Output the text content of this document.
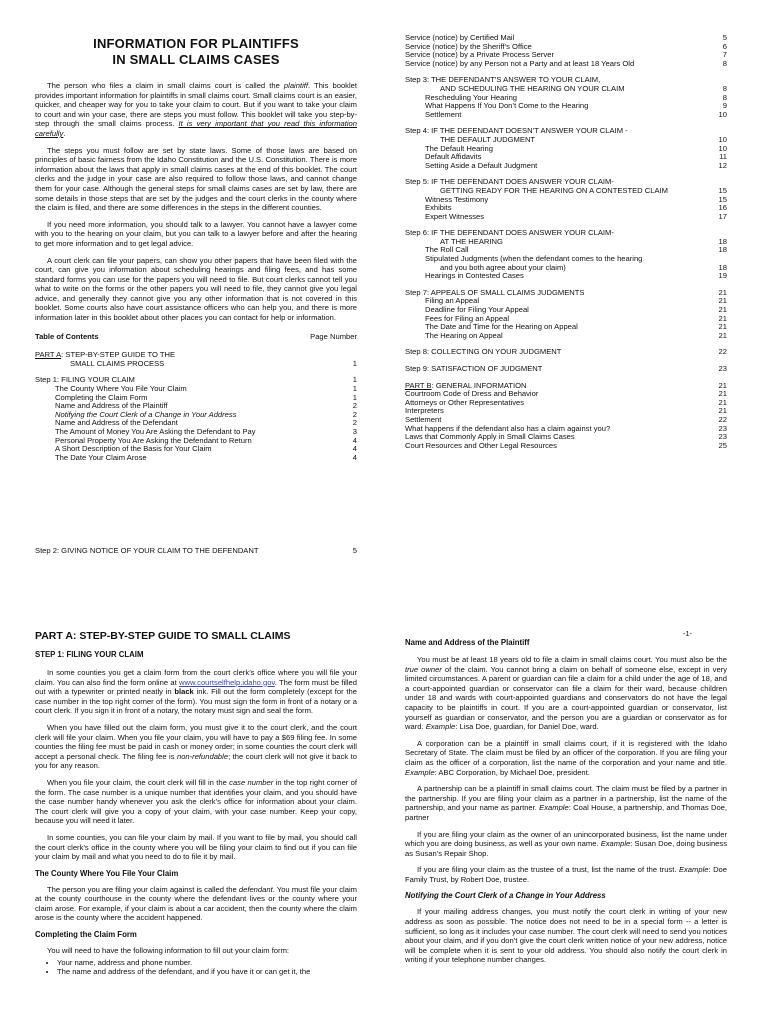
INFORMATION FOR PLAINTIFFS
IN SMALL CLAIMS CASES

The person who files a claim in small claims court is called the plaintiff. This booklet provides important information for plaintiffs in small claims court. Small claims court is an easier, quicker, and cheaper way for you to take your claim to court. But if you want to take your claim to court and win your case, there are steps you must follow. This booklet will take you step-by-step through the small claims process. It is very important that you read this information carefully.

The steps you must follow are set by state laws. Some of those laws are based on principles of basic fairness from the Idaho Constitution and the U.S. Constitution. There is more information about the laws that apply in small claims cases at the end of this booklet. The court clerks and the judge in your case are also required to follow those laws, and cannot change them for your case. Although the general steps for small claims cases are set by law, there are some details in those steps that are set by the judges and the court clerks in the county where the claim is filed, and there are some differences in the steps in the different counties.

If you need more information, you should talk to a lawyer. You cannot have a lawyer come with you to the hearing on your claim, but you can talk to a lawyer before and after the hearing to get more information and to get legal advice.

A court clerk can file your papers, can show you other papers that have been filed with the court, can give you information about scheduling hearings and filing fees, and has some standard forms you can use for the papers you will need to file. But court clerks cannot tell you what to write on the forms or the other papers you will need to file, they cannot give you legal advice, and generally they cannot give you any other information that is not covered in this booklet. Some courts also have court assistance officers who can help you, and there is more information later in this booklet about other places you can contact for help or information.

Table of Contents	Page Number
PART A: STEP-BY-STEP GUIDE TO THE
SMALL CLAIMS PROCESS	1
Step 1: FILING YOUR CLAIM	1
The County Where You File Your Claim	1
Completing the Claim Form	1
Name and Address of the Plaintiff	2
Notifying the Court Clerk of a Change in Your Address	2
Name and Address of the Defendant	2
The Amount of Money You Are Asking the Defendant to Pay	3
Personal Property You Are Asking the Defendant to Return	4
A Short Description of the Basis for Your Claim	4
The Date Your Claim Arose	4
Step 2: GIVING NOTICE OF YOUR CLAIM TO THE DEFENDANT	5
Service (notice) by Certified Mail	5
Service (notice) by the Sheriff’s Office	6
Service (notice) by a Private Process Server	7
Service (notice) by any Person not a Party and at least 18 Years Old	8
Step 3: THE DEFENDANT’S ANSWER TO YOUR CLAIM,
AND SCHEDULING THE HEARING ON YOUR CLAIM	8
Rescheduling Your Hearing	8
What Happens If You Don’t Come to the Hearing	9
Settlement	10
Step 4: IF THE DEFENDANT DOESN’T ANSWER YOUR CLAIM -
THE DEFAULT JUDGMENT	10
The Default Hearing	10
Default Affidavits	11
Setting Aside a Default Judgment	12
Step 5: IF THE DEFENDANT DOES ANSWER YOUR CLAIM-
GETTING READY FOR THE HEARING ON A CONTESTED CLAIM	15
Witness Testimony	15
Exhibits	16
Expert Witnesses	17
Step 6: IF THE DEFENDANT DOES ANSWER YOUR CLAIM-
AT THE HEARING	18
The Roll Call	18
Stipulated Judgments (when the defendant comes to the hearing
and you both agree about your claim)	18
Hearings in Contested Cases	19
Step 7: APPEALS OF SMALL CLAIMS JUDGMENTS	21
Filing an Appeal	21
Deadline for Filing Your Appeal	21
Fees for Filing an Appeal	21
The Date and Time for the Hearing on Appeal	21
The Hearing on Appeal	21
Step 8: COLLECTING ON YOUR JUDGMENT	22
Step 9: SATISFACTION OF JUDGMENT	23
PART B: GENERAL INFORMATION	21
Courtroom Code of Dress and Behavior	21
Attorneys or Other Representatives	21
Interpreters	21
Settlement	22
What happens if the defendant also has a claim against you?	23
Laws that Commonly Apply in Small Claims Cases	23
Court Resources and Other Legal Resources	25
PART A: STEP-BY-STEP GUIDE TO SMALL CLAIMS
STEP 1: FILING YOUR CLAIM

In some counties you get a claim form from the court clerk’s office where you will file your claim. You can also find the form online at www.courtselfhelp.idaho.gov. The form must be filled out with a typewriter or printed neatly in black ink. Fill out the form completely (except for the case number in the top right corner of the form). You must sign the form in front of a notary or a court clerk. If you sign it in front of a notary, the notary must sign and seal the form.

When you have filled out the claim form, you must give it to the court clerk, and the court clerk will file your claim. When you file your claim, you will have to pay a $69 filing fee. In some counties the filing fee must be paid in cash or money order; in some counties the court clerk will accept a personal check. The filing fee is non-refundable; the court clerk will not give it back to you for any reason.

When you file your claim, the court clerk will fill in the case number in the top right corner of the form. The case number is a unique number that identifies your claim, and you should have the case number handy whenever you ask the clerk’s office for information about your claim. The court clerk will give you a copy of your claim, with your case number. Keep your copy, because you will need it later.

In some counties, you can file your claim by mail. If you want to file by mail, you should call the court clerk’s office in the county where you will be filing your claim to find out if you can file your claim by mail and what you need to do to file it by mail.

The County Where You File Your Claim

The person you are filing your claim against is called the defendant. You must file your claim at the county courthouse in the county where the defendant lives or the county where your claim arose. For example, if your claim is about a car accident, then the county where the claim arose is the county where the accident happened.

Completing the Claim Form

You will need to have the following information to fill out your claim form:

• Your name, address and phone number.
• The name and address of the defendant, and if you have it or can get it, the
Name and Address of the Plaintiff

You must be at least 18 years old to file a claim in small claims court. You must also be the true owner of the claim. You cannot bring a claim on behalf of someone else, except in very limited circumstances. A parent or guardian can file a claim for a child under the age of 18, and a court-appointed guardian or conservator can file a claim for their ward, because children under 18 and wards with court-appointed guardians and conservators do not have the legal capacity to be plaintiffs in court. If you are a court-appointed guardian or conservator, list yourself as guardian or conservator, and the person you are a guardian or conservator as for ward. Example: Lisa Doe, guardian, for Daniel Doe, ward.

A corporation can be a plaintiff in small claims court, if it is registered with the Idaho Secretary of State. The claim must be filed by an officer of the corporation. If you are filing your claim as the officer of a corporation, list the name of the corporation and your name and title. Example: ABC Corporation, by Michael Doe, president.

A partnership can be a plaintiff in small claims court. The claim must be filed by a partner in the partnership. If you are filing your claim as a partner in a partnership, list the name of the partnership, and your name as partner. Example: Coal House, a partnership, and Thomas Doe, partner

If you are filing your claim as the owner of an unincorporated business, list the name under which you are doing business, as well as your own name. Example: Susan Doe, doing business as Susan’s Repair Shop.

If you are filing your claim as the trustee of a trust, list the name of the trust. Example: Doe Family Trust, by Robert Doe, trustee.

Notifying the Court Clerk of a Change in Your Address

If your mailing address changes, you must notify the court clerk in writing of your new address as soon as possible. The notice does not need to be in a special form -- a letter is sufficient, so long as it includes your case number. The court clerk will need to send you notices about your claim, and if you don’t give the court clerk written notice of your new address, notice will be complete when it is sent to your old address. You should also notify the court clerk in writing if your telephone number changes.

-1-
